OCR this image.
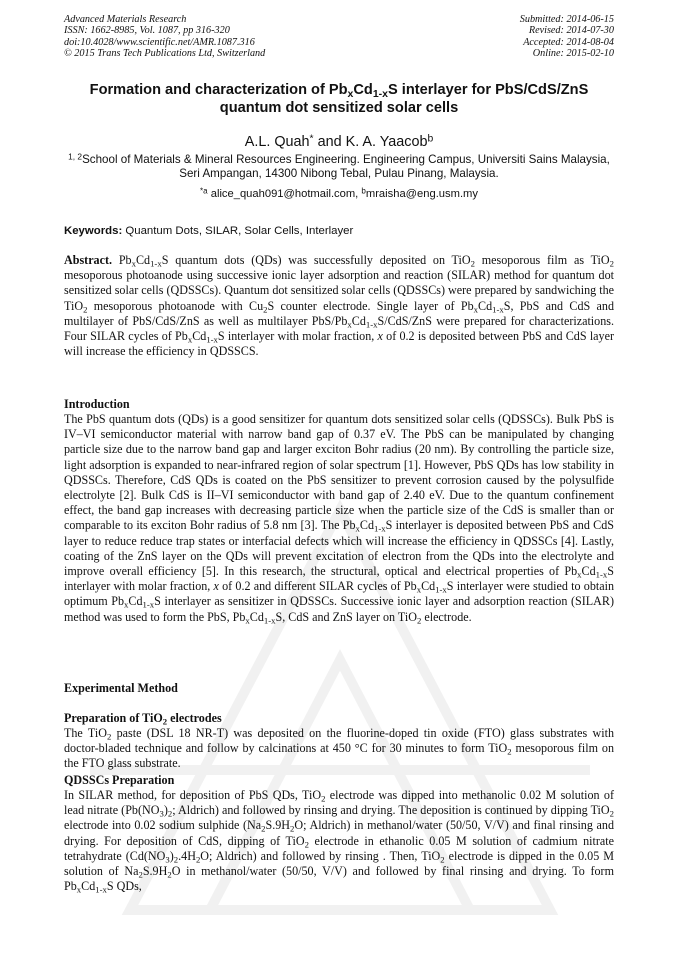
Advanced Materials Research
ISSN: 1662-8985, Vol. 1087, pp 316-320
doi:10.4028/www.scientific.net/AMR.1087.316
© 2015 Trans Tech Publications Ltd, Switzerland
Submitted: 2014-06-15
Revised: 2014-07-30
Accepted: 2014-08-04
Online: 2015-02-10
Formation and characterization of $Pb_xCd_{1-x}S$ interlayer for PbS/CdS/ZnS
quantum dot sensitized solar cells
A.L. Quah* and K. A. Yaacob$^b$
$^{1, 2}$School of Materials & Mineral Resources Engineering. Engineering Campus, Universiti Sains Malaysia, Seri Ampangan, 14300 Nibong Tebal, Pulau Pinang, Malaysia.
$^{*a}$ alice_quah091@hotmail.com, $^b$mraisha@eng.usm.my
Keywords: Quantum Dots, SILAR, Solar Cells, Interlayer
Abstract. $Pb_xCd_{1-x}S$ quantum dots (QDs) was successfully deposited on TiO$_2$ mesoporous film as TiO$_2$ mesoporous photoanode using successive ionic layer adsorption and reaction (SILAR) method for quantum dot sensitized solar cells (QDSSCs). Quantum dot sensitized solar cells (QDSSCs) were prepared by sandwiching the TiO$_2$ mesoporous photoanode with $Cu_2S$ counter electrode. Single layer of $Pb_xCd_{1-x}S$, PbS and CdS and multilayer of PbS/CdS/ZnS as well as multilayer PbS/$Pb_xCd_{1-x}S/CdS$/ZnS were prepared for characterizations. Four SILAR cycles of $Pb_xCd_{1-x}S$ interlayer with molar fraction, x of 0.2 is deposited between PbS and CdS layer will increase the efficiency in QDSSCS.
Introduction
The PbS quantum dots (QDs) is a good sensitizer for quantum dots sensitized solar cells (QDSSCs). Bulk PbS is IV–VI semiconductor material with narrow band gap of 0.37 eV. The PbS can be manipulated by changing particle size due to the narrow band gap and larger exciton Bohr radius (20 nm). By controlling the particle size, light adsorption is expanded to near-infrared region of solar spectrum [1]. However, PbS QDs has low stability in QDSSCs. Therefore, CdS QDs is coated on the PbS sensitizer to prevent corrosion caused by the polysulfide electrolyte [2]. Bulk CdS is II–VI semiconductor with band gap of 2.40 eV. Due to the quantum confinement effect, the band gap increases with decreasing particle size when the particle size of the CdS is smaller than or comparable to its exciton Bohr radius of 5.8 nm [3]. The $Pb_xCd_{1-x}S$ interlayer is deposited between PbS and CdS layer to reduce reduce trap states or interfacial defects which will increase the efficiency in QDSSCs [4]. Lastly, coating of the ZnS layer on the QDs will prevent excitation of electron from the QDs into the electrolyte and improve overall efficiency [5]. In this research, the structural, optical and electrical properties of $Pb_xCd_{1-x}S$ interlayer with molar fraction, x of 0.2 and different SILAR cycles of $Pb_xCd_{1-x}S$ interlayer were studied to obtain optimum $Pb_xCd_{1-x}S$ interlayer as sensitizer in QDSSCs. Successive ionic layer and adsorption reaction (SILAR) method was used to form the PbS, $Pb_xCd_{1-x}S$, CdS and ZnS layer on TiO$_2$ electrode.
Experimental Method
Preparation of TiO$_2$ electrodes
The TiO$_2$ paste (DSL 18 NR-T) was deposited on the fluorine-doped tin oxide (FTO) glass substrates with doctor-bladed technique and follow by calcinations at 450 °C for 30 minutes to form TiO$_2$ mesoporous film on the FTO glass substrate.
QDSSCs Preparation
In SILAR method, for deposition of PbS QDs, TiO$_2$ electrode was dipped into methanolic 0.02 M solution of lead nitrate ($Pb(NO_3)_2$; Aldrich) and followed by rinsing and drying. The deposition is continued by dipping TiO$_2$ electrode into 0.02 sodium sulphide ($Na_2S.9H_2O$; Aldrich) in methanol/water (50/50, V/V) and final rinsing and drying. For deposition of CdS, dipping of TiO$_2$ electrode in ethanolic 0.05 M solution of cadmium nitrate tetrahydrate ($Cd(NO_3)_2.4H_2O$; Aldrich) and followed by rinsing . Then, TiO$_2$ electrode is dipped in the 0.05 M solution of $Na_2S.9H_2O$ in methanol/water (50/50, V/V) and followed by final rinsing and drying. To form $Pb_xCd_{1-x}S$ QDs,
